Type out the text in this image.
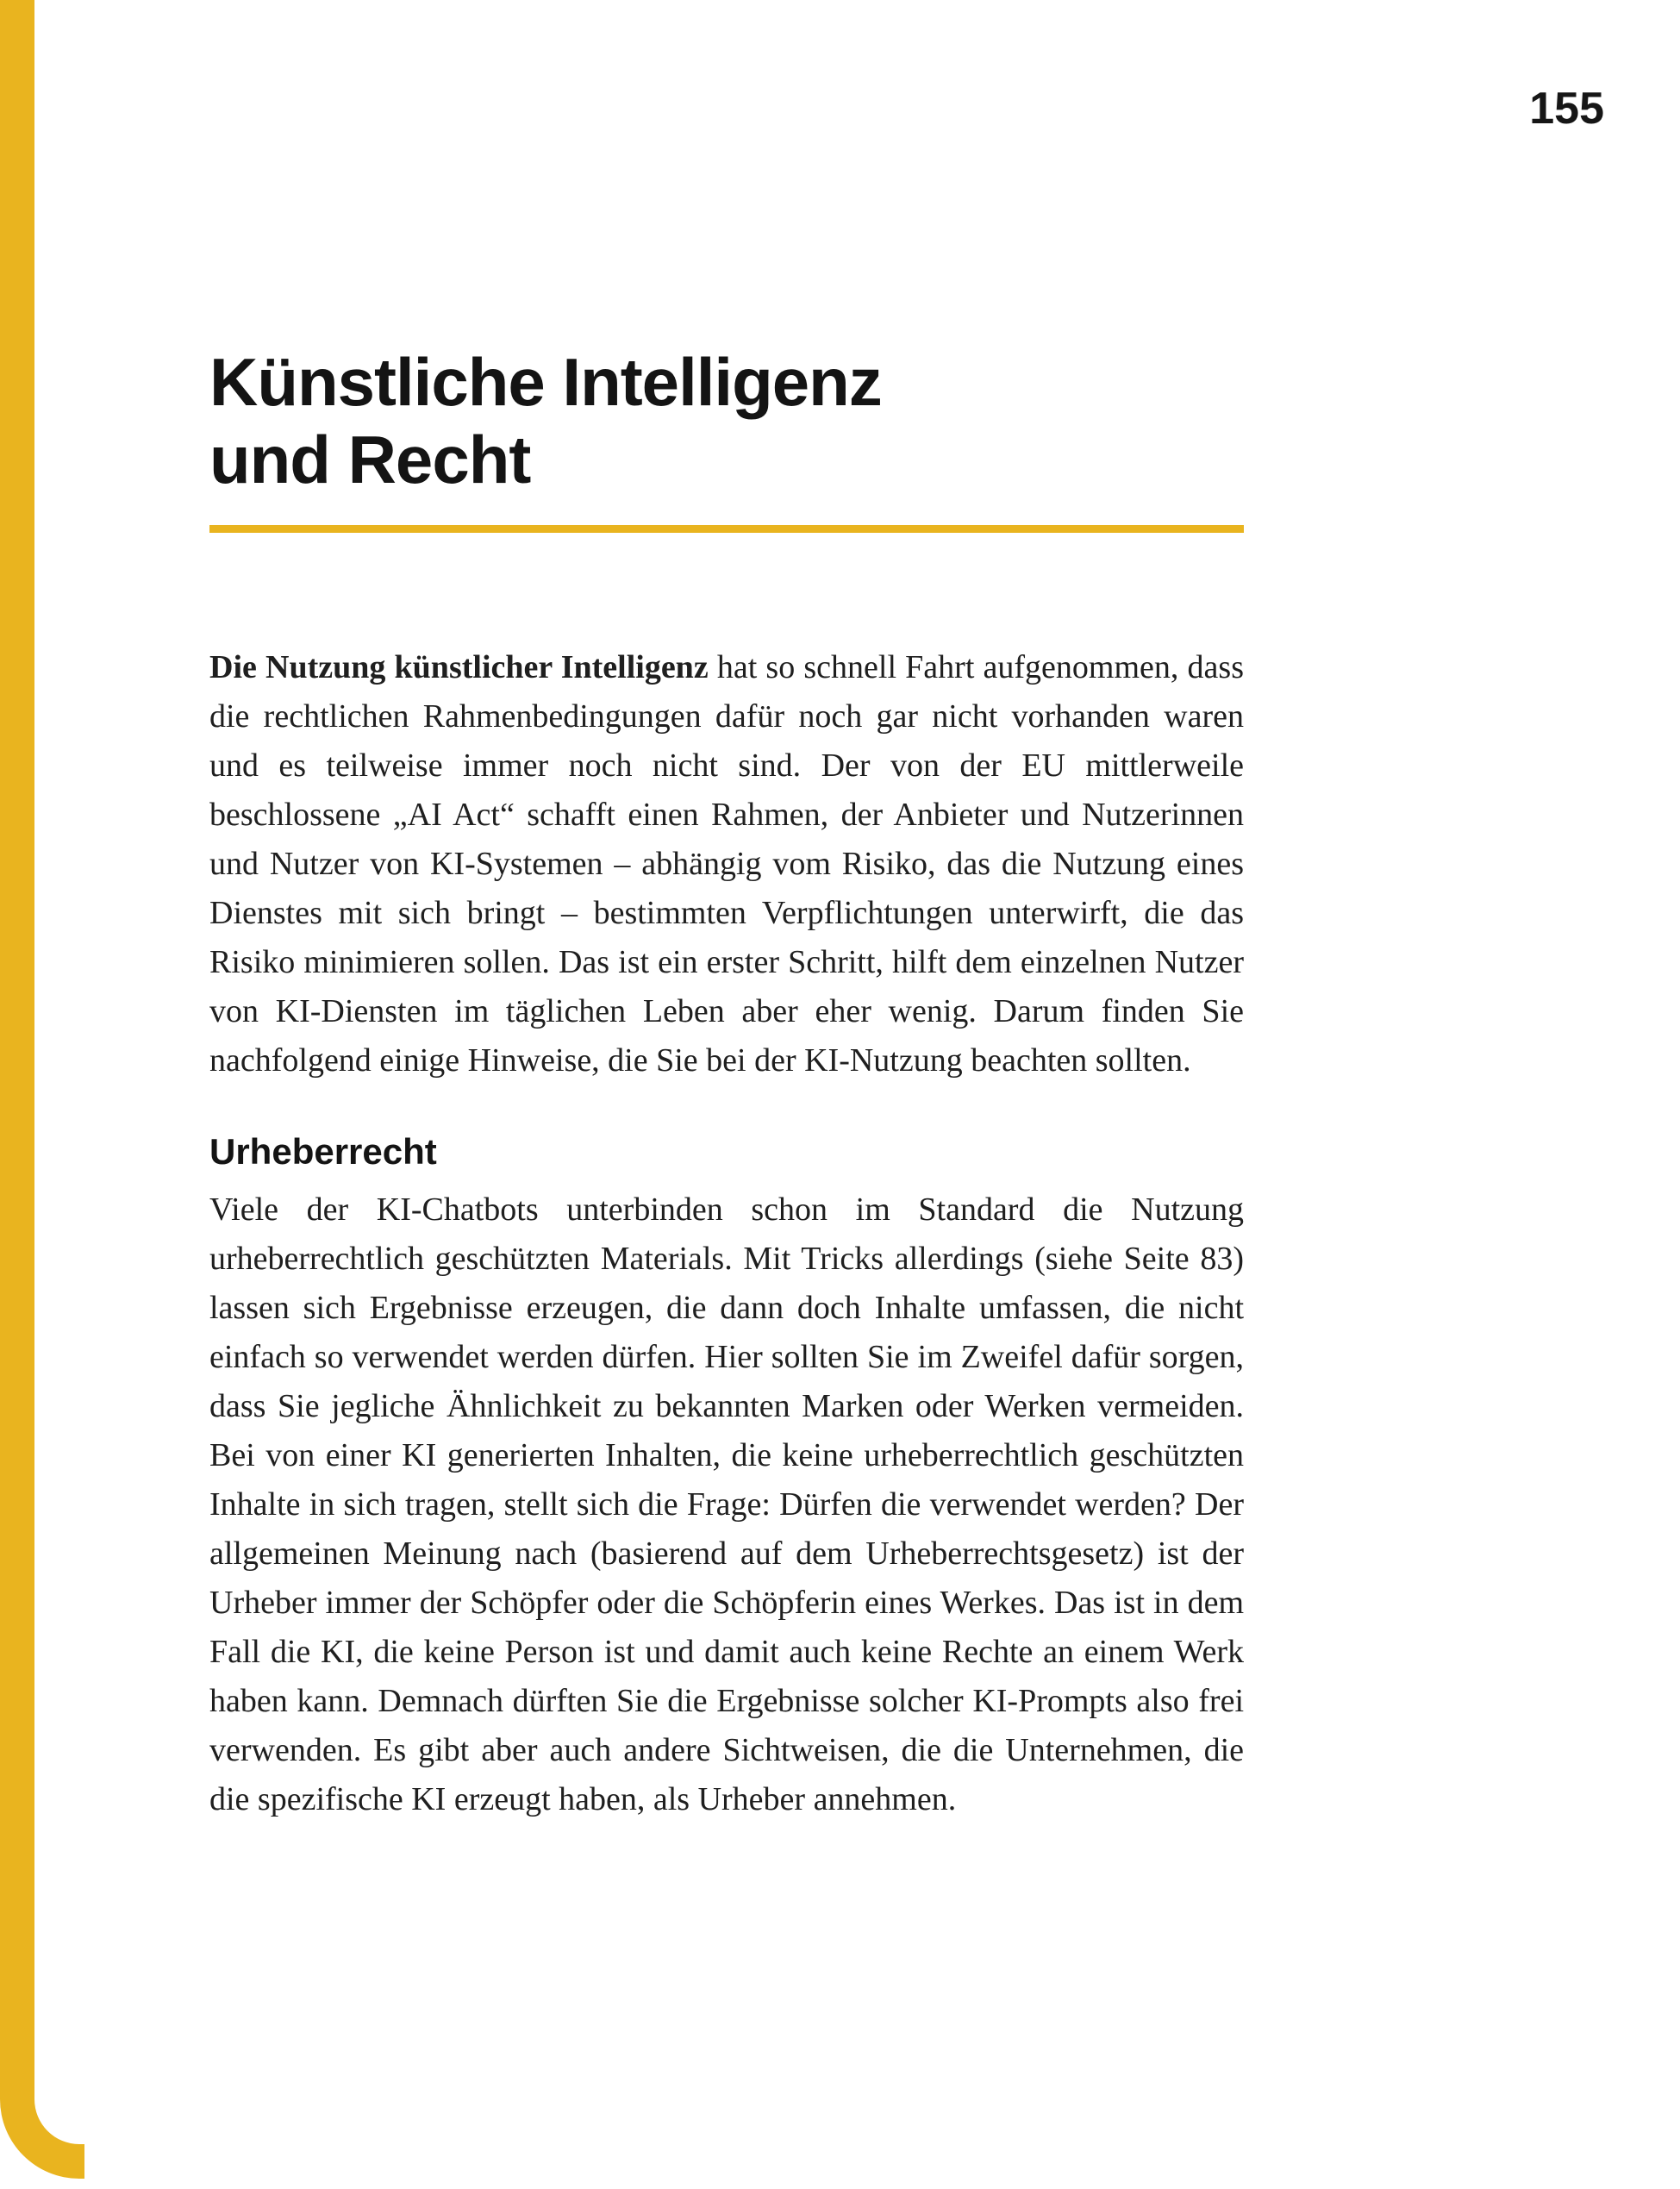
155
Künstliche Intelligenz
und Recht

Die Nutzung künstlicher Intelligenz hat so schnell Fahrt aufgenommen, dass die rechtlichen Rahmenbedingungen dafür noch gar nicht vorhanden waren und es teilweise immer noch nicht sind. Der von der EU mittlerweile beschlossene „AI Act“ schafft einen Rahmen, der Anbieter und Nutzerinnen und Nutzer von KI-Systemen – abhängig vom Risiko, das die Nutzung eines Dienstes mit sich bringt – bestimmten Verpflichtungen unterwirft, die das Risiko minimieren sollen. Das ist ein erster Schritt, hilft dem einzelnen Nutzer von KI-Diensten im täglichen Leben aber eher wenig. Darum finden Sie nachfolgend einige Hinweise, die Sie bei der KI-Nutzung beachten sollten.

Urheberrecht

Viele der KI-Chatbots unterbinden schon im Standard die Nutzung urheberrechtlich geschützten Materials. Mit Tricks allerdings (siehe Seite 83) lassen sich Ergebnisse erzeugen, die dann doch Inhalte umfassen, die nicht einfach so verwendet werden dürfen. Hier sollten Sie im Zweifel dafür sorgen, dass Sie jegliche Ähnlichkeit zu bekannten Marken oder Werken vermeiden. Bei von einer KI generierten Inhalten, die keine urheberrechtlich geschützten Inhalte in sich tragen, stellt sich die Frage: Dürfen die verwendet werden? Der allgemeinen Meinung nach (basierend auf dem Urheberrechtsgesetz) ist der Urheber immer der Schöpfer oder die Schöpferin eines Werkes. Das ist in dem Fall die KI, die keine Person ist und damit auch keine Rechte an einem Werk haben kann. Demnach dürften Sie die Ergebnisse solcher KI-Prompts also frei verwenden. Es gibt aber auch andere Sichtweisen, die die Unternehmen, die die spezifische KI erzeugt haben, als Urheber annehmen.
